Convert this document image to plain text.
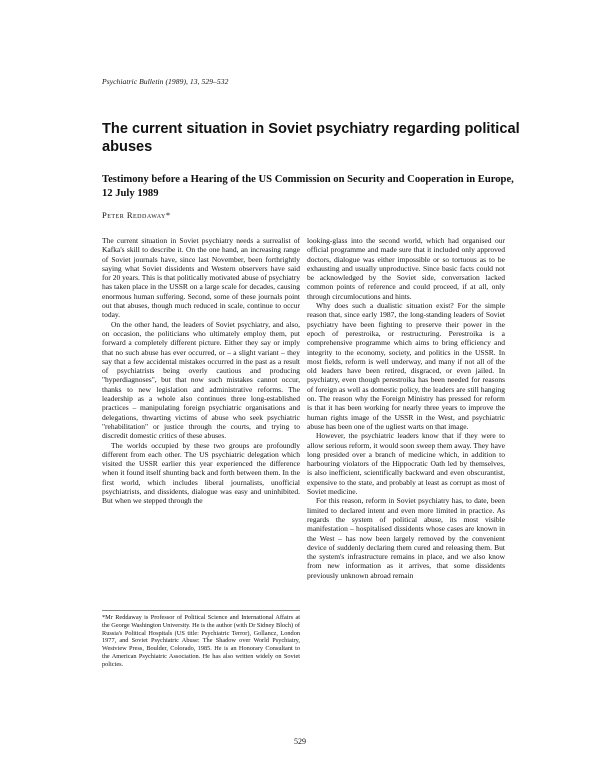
Psychiatric Bulletin (1989), 13, 529–532
The current situation in Soviet psychiatry regarding political abuses
Testimony before a Hearing of the US Commission on Security and Cooperation in Europe, 12 July 1989
Peter Reddaway*

The current situation in Soviet psychiatry needs a surrealist of Kafka's skill to describe it. On the one hand, an increasing range of Soviet journals have, since last November, been forthrightly saying what Soviet dissidents and Western observers have said for 20 years. This is that politically motivated abuse of psychiatry has taken place in the USSR on a large scale for decades, causing enormous human suffering. Second, some of these journals point out that abuses, though much reduced in scale, continue to occur today.

On the other hand, the leaders of Soviet psychiatry, and also, on occasion, the politicians who ultimately employ them, put forward a completely different picture. Either they say or imply that no such abuse has ever occurred, or – a slight variant – they say that a few accidental mistakes occurred in the past as a result of psychiatrists being overly cautious and producing "hyperdiagnoses", but that now such mistakes cannot occur, thanks to new legislation and administrative reforms. The leadership as a whole also continues three long-established practices – manipulating foreign psychiatric organisations and delegations, thwarting victims of abuse who seek psychiatric "rehabilitation" or justice through the courts, and trying to discredit domestic critics of these abuses.

The worlds occupied by these two groups are profoundly different from each other. The US psychiatric delegation which visited the USSR earlier this year experienced the difference when it found itself shunting back and forth between them. In the first world, which includes liberal journalists, unofficial psychiatrists, and dissidents, dialogue was easy and uninhibited. But when we stepped through the

looking-glass into the second world, which had organised our official programme and made sure that it included only approved doctors, dialogue was either impossible or so tortuous as to be exhausting and usually unproductive. Since basic facts could not be acknowledged by the Soviet side, conversation lacked common points of reference and could proceed, if at all, only through circumlocutions and hints.

Why does such a dualistic situation exist? For the simple reason that, since early 1987, the long-standing leaders of Soviet psychiatry have been fighting to preserve their power in the epoch of perestroika, or restructuring. Perestroika is a comprehensive programme which aims to bring efficiency and integrity to the economy, society, and politics in the USSR. In most fields, reform is well underway, and many if not all of the old leaders have been retired, disgraced, or even jailed. In psychiatry, even though perestroika has been needed for reasons of foreign as well as domestic policy, the leaders are still hanging on. The reason why the Foreign Ministry has pressed for reform is that it has been working for nearly three years to improve the human rights image of the USSR in the West, and psychiatric abuse has been one of the ugliest warts on that image.

However, the psychiatric leaders know that if they were to allow serious reform, it would soon sweep them away. They have long presided over a branch of medicine which, in addition to harbouring violators of the Hippocratic Oath led by themselves, is also inefficient, scientifically backward and even obscurantist, expensive to the state, and probably at least as corrupt as most of Soviet medicine.

For this reason, reform in Soviet psychiatry has, to date, been limited to declared intent and even more limited in practice. As regards the system of political abuse, its most visible manifestation – hospitalised dissidents whose cases are known in the West – has now been largely removed by the convenient device of suddenly declaring them cured and releasing them. But the system's infrastructure remains in place, and we also know from new information as it arrives, that some dissidents previously unknown abroad remain

*Mr Reddaway is Professor of Political Science and International Affairs at the George Washington University. He is the author (with Dr Sidney Bloch) of Russia's Political Hospitals (US title: Psychiatric Terror), Gollancz, London 1977, and Soviet Psychiatric Abuse: The Shadow over World Psychiatry, Westview Press, Boulder, Colorado, 1985. He is an Honorary Consultant to the American Psychiatric Association. He has also written widely on Soviet policies.

529
